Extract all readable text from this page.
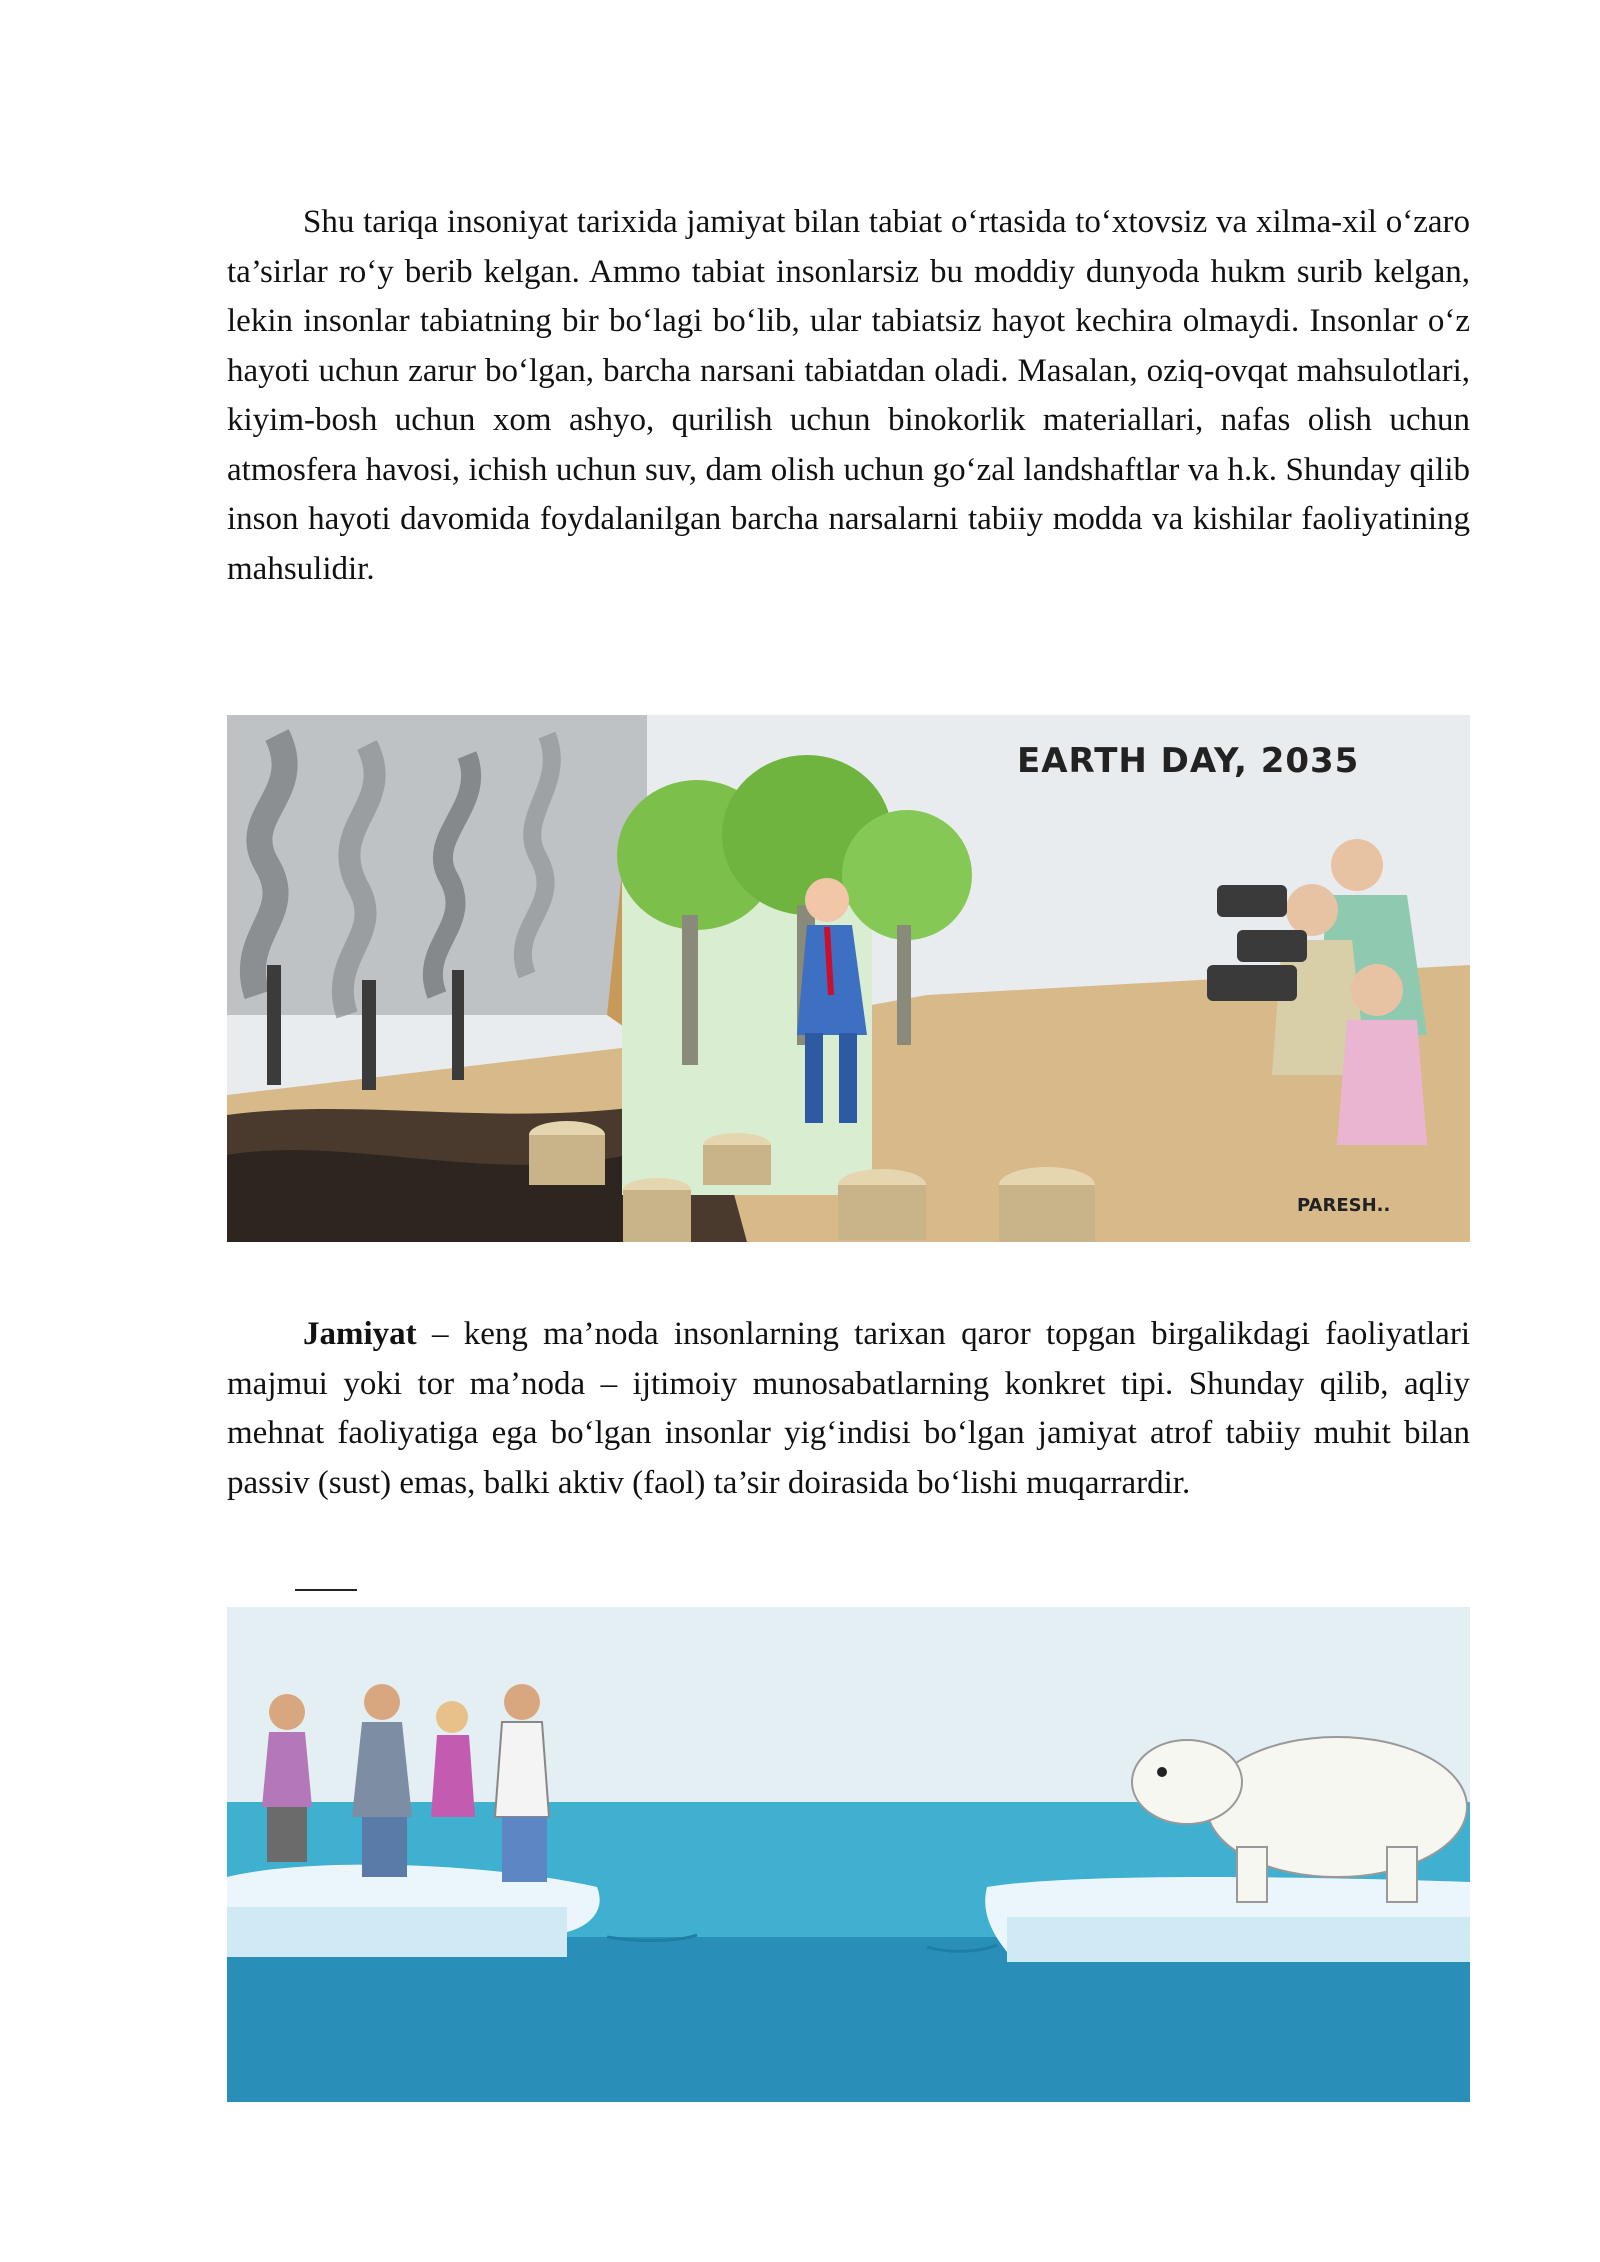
Shu tariqa insoniyat tarixida jamiyat bilan tabiat o‘rtasida to‘xtovsiz va xilma-xil o‘zaro ta’sirlar ro‘y berib kelgan. Ammo tabiat insonlarsiz bu moddiy dunyoda hukm surib kelgan, lekin insonlar tabiatning bir bo‘lagi bo‘lib, ular tabiatsiz hayot kechira olmaydi. Insonlar o‘z hayoti uchun zarur bo‘lgan, barcha narsani tabiatdan oladi. Masalan, oziq-ovqat mahsulotlari, kiyim-bosh uchun xom ashyo, qurilish uchun binokorlik materiallari, nafas olish uchun atmosfera havosi, ichish uchun suv, dam olish uchun go‘zal landshaftlar va h.k. Shunday qilib inson hayoti davomida foydalanilgan barcha narsalarni tabiiy modda va kishilar faoliyatining mahsulidir.

EARTH DAY, 2035
PARESH..

Jamiyat – keng ma’noda insonlarning tarixan qaror topgan birgalikdagi faoliyatlari majmui yoki tor ma’noda – ijtimoiy munosabatlarning konkret tipi. Shunday qilib, aqliy mehnat faoliyatiga ega bo‘lgan insonlar yig‘indisi bo‘lgan jamiyat atrof tabiiy muhit bilan passiv (sust) emas, balki aktiv (faol) ta’sir doirasida bo‘lishi muqarrardir.
